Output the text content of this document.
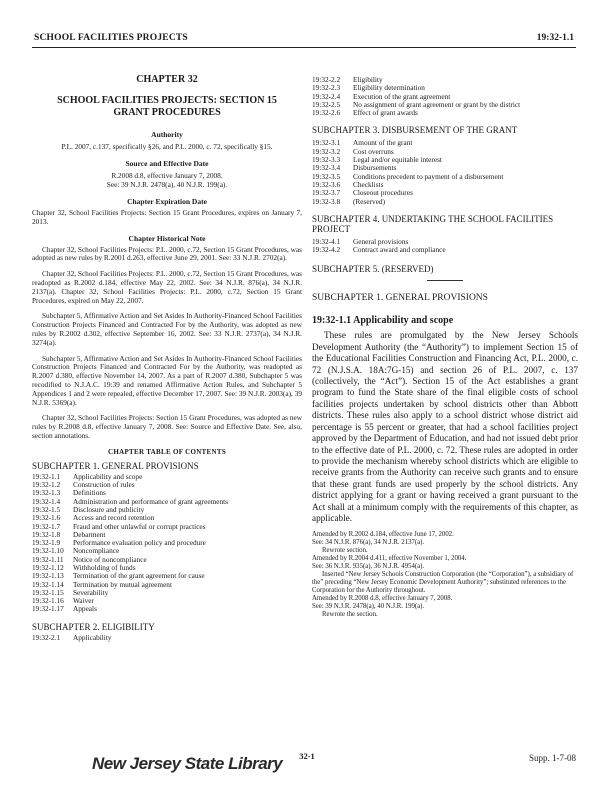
SCHOOL FACILITIES PROJECTS	19:32-1.1
CHAPTER 32
SCHOOL FACILITIES PROJECTS: SECTION 15 GRANT PROCEDURES
Authority
P.L. 2007, c.137, specifically §26, and P.L. 2000, c. 72, specifically §15.
Source and Effective Date
R.2008 d.8, effective January 7, 2008.
See: 39 N.J.R. 2478(a), 40 N.J.R. 199(a).
Chapter Expiration Date
Chapter 32, School Facilities Projects: Section 15 Grant Procedures, expires on January 7, 2013.
Chapter Historical Note
Chapter 32, School Facilities Projects: P.L. 2000, c.72, Section 15 Grant Procedures, was adopted as new rules by R.2001 d.263, effective June 29, 2001. See: 33 N.J.R. 2702(a).
Chapter 32, School Facilities Projects: P.L. 2000, c.72, Section 15 Grant Procedures, was readopted as R.2002 d.184, effective May 22, 2002. See: 34 N.J.R. 876(a), 34 N.J.R. 2137(a). Chapter 32, School Facilities Projects: P.L. 2000, c.72, Section 15 Grant Procedures, expired on May 22, 2007.
Subchapter 5, Affirmative Action and Set Asides In Authority-Financed School Facilities Construction Projects Financed and Contracted For by the Authority, was adopted as new rules by R.2002 d.302, effective September 16, 2002. See: 33 N.J.R. 2737(a), 34 N.J.R. 3274(a).
Subchapter 5, Affirmative Action and Set Asides In Authority-Financed School Facilities Construction Projects Financed and Contracted For by the Authority, was readopted as R.2007 d.380, effective November 14, 2007. As a part of R.2007 d.380, Subchapter 5 was recodified to N.J.A.C. 19:39 and renamed Affirmative Action Rules, and Subchapter 5 Appendices 1 and 2 were repealed, effective December 17, 2007. See: 39 N.J.R. 2003(a), 39 N.J.R. 5369(a).
Chapter 32, School Facilities Projects: Section 15 Grant Procedures, was adopted as new rules by R.2008 d.8, effective January 7, 2008. See: Source and Effective Date. See, also, section annotations.
CHAPTER TABLE OF CONTENTS
SUBCHAPTER 1. GENERAL PROVISIONS
19:32-1.1	Applicability and scope
19:32-1.2	Construction of rules
19:32-1.3	Definitions
19:32-1.4	Administration and performance of grant agreements
19:32-1.5	Disclosure and publicity
19:32-1.6	Access and record retention
19:32-1.7	Fraud and other unlawful or corrupt practices
19:32-1.8	Debarment
19:32-1.9	Performance evaluation policy and procedure
19:32-1.10	Noncompliance
19:32-1.11	Notice of noncompliance
19:32-1.12	Withholding of funds
19:32-1.13	Termination of the grant agreement for cause
19:32-1.14	Termination by mutual agreement
19:32-1.15	Severability
19:32-1.16	Waiver
19:32-1.17	Appeals
SUBCHAPTER 2. ELIGIBILITY
19:32-2.1	Applicability
19:32-2.2	Eligibility
19:32-2.3	Eligibility determination
19:32-2.4	Execution of the grant agreement
19:32-2.5	No assignment of grant agreement or grant by the district
19:32-2.6	Effect of grant awards
SUBCHAPTER 3. DISBURSEMENT OF THE GRANT
19:32-3.1	Amount of the grant
19:32-3.2	Cost overruns
19:32-3.3	Legal and/or equitable interest
19:32-3.4	Disbursements
19:32-3.5	Conditions precedent to payment of a disbursement
19:32-3.6	Checklists
19:32-3.7	Closeout procedures
19:32-3.8	(Reserved)
SUBCHAPTER 4. UNDERTAKING THE SCHOOL FACILITIES PROJECT
19:32-4.1	General provisions
19:32-4.2	Contract award and compliance
SUBCHAPTER 5. (RESERVED)
SUBCHAPTER 1. GENERAL PROVISIONS
19:32-1.1 Applicability and scope
These rules are promulgated by the New Jersey Schools Development Authority (the “Authority”) to implement Section 15 of the Educational Facilities Construction and Financing Act, P.L. 2000, c. 72 (N.J.S.A. 18A:7G-15) and section 26 of P.L. 2007, c. 137 (collectively, the “Act”). Section 15 of the Act establishes a grant program to fund the State share of the final eligible costs of school facilities projects undertaken by school districts other than Abbott districts. These rules also apply to a school district whose district aid percentage is 55 percent or greater, that had a school facilities project approved by the Department of Education, and had not issued debt prior to the effective date of P.L. 2000, c. 72. These rules are adopted in order to provide the mechanism whereby school districts which are eligible to receive grants from the Authority can receive such grants and to ensure that these grant funds are used properly by the school districts. Any district applying for a grant or having received a grant pursuant to the Act shall at a minimum comply with the requirements of this chapter, as applicable.
Amended by R.2002 d.184, effective June 17, 2002.
See: 34 N.J.R. 876(a), 34 N.J.R. 2137(a).
Rewrote section.
Amended by R.2004 d.411, effective November 1, 2004.
See: 36 N.J.R. 935(a), 36 N.J.R. 4954(a).
Inserted “New Jersey Schools Construction Corporation (the “Corporation”), a subsidiary of the” preceding “New Jersey Economic Development Authority”; substituted references to the Corporation for the Authority throughout.
Amended by R.2008 d.8, effective January 7, 2008.
See: 39 N.J.R. 2478(a), 40 N.J.R. 199(a).
Rewrote the section.
New Jersey State Library	32-1	Supp. 1-7-08
